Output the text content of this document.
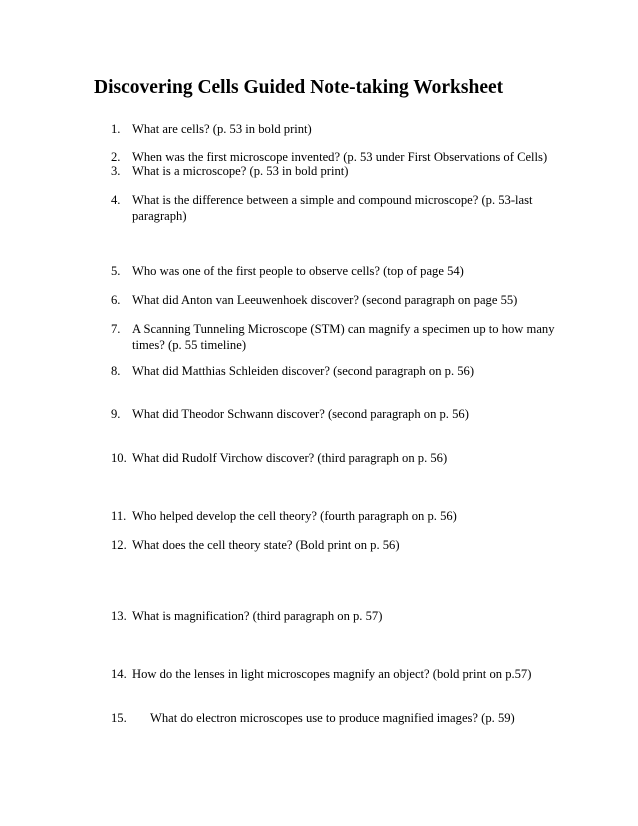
Discovering Cells Guided Note-taking Worksheet
1. What are cells? (p. 53 in bold print)
2. When was the first microscope invented? (p. 53 under First Observations of Cells)
3. What is a microscope? (p. 53 in bold print)
4. What is the difference between a simple and compound microscope? (p. 53-last paragraph)
5. Who was one of the first people to observe cells? (top of page 54)
6. What did Anton van Leeuwenhoek discover? (second paragraph on page 55)
7. A Scanning Tunneling Microscope (STM) can magnify a specimen up to how many times? (p. 55 timeline)
8. What did Matthias Schleiden discover? (second paragraph on p. 56)
9. What did Theodor Schwann discover? (second paragraph on p. 56)
10. What did Rudolf Virchow discover? (third paragraph on p. 56)
11. Who helped develop the cell theory? (fourth paragraph on p. 56)
12. What does the cell theory state? (Bold print on p. 56)
13. What is magnification? (third paragraph on p. 57)
14. How do the lenses in light microscopes magnify an object? (bold print on p.57)
15. What do electron microscopes use to produce magnified images? (p. 59)
